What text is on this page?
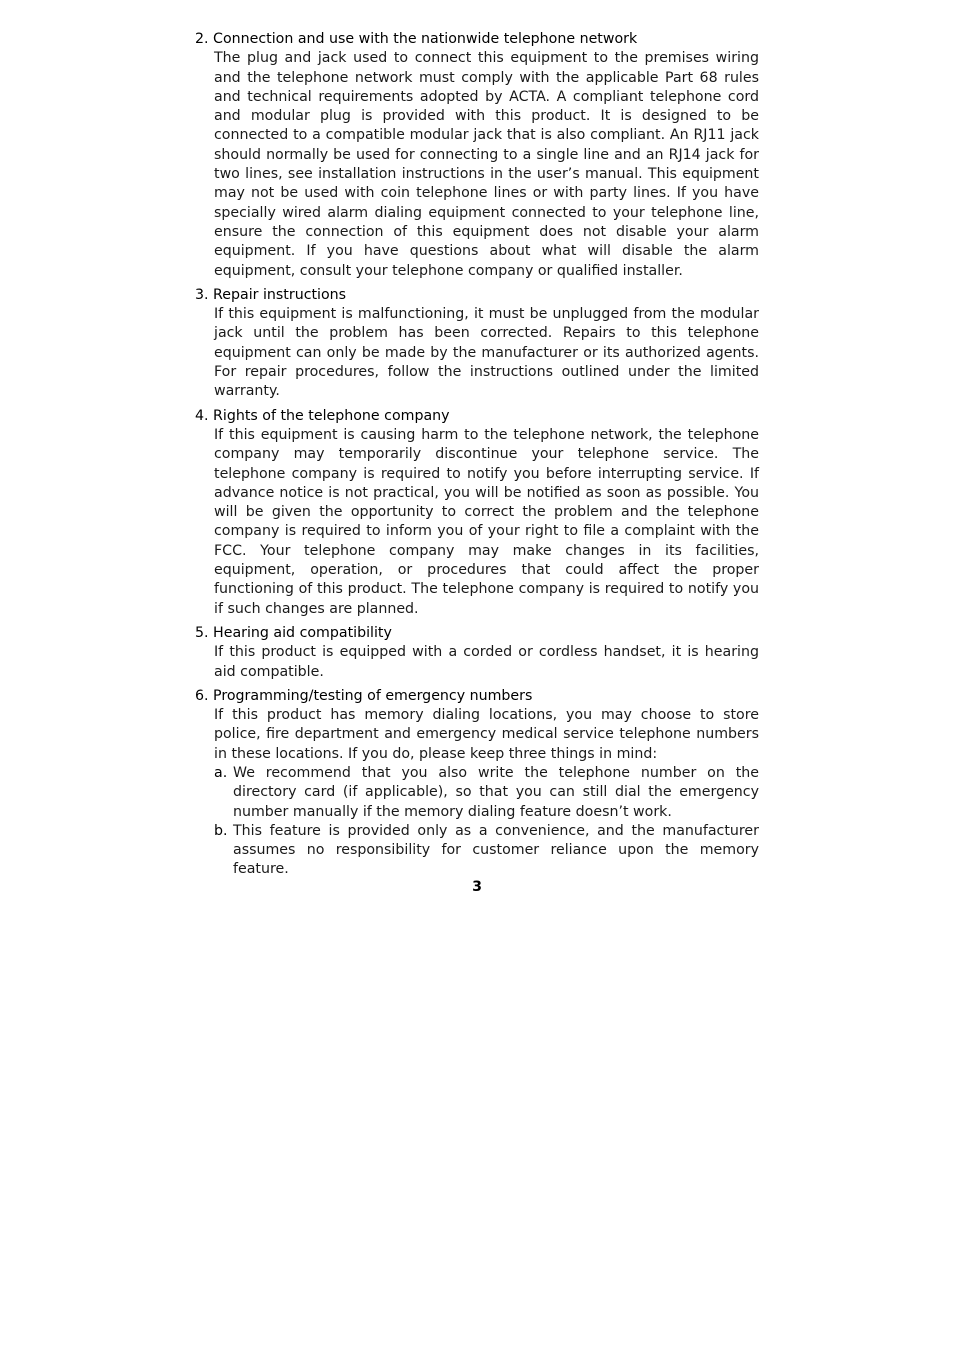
2. Connection and use with the nationwide telephone network
The plug and jack used to connect this equipment to the premises wiring and the telephone network must comply with the applicable Part 68 rules and technical requirements adopted by ACTA. A compliant telephone cord and modular plug is provided with this product. It is designed to be connected to a compatible modular jack that is also compliant. An RJ11 jack should normally be used for connecting to a single line and an RJ14 jack for two lines, see installation instructions in the user’s manual. This equipment may not be used with coin telephone lines or with party lines. If you have specially wired alarm dialing equipment connected to your telephone line, ensure the connection of this equipment does not disable your alarm equipment. If you have questions about what will disable the alarm equipment, consult your telephone company or qualified installer.
3. Repair instructions
If this equipment is malfunctioning, it must be unplugged from the modular jack until the problem has been corrected. Repairs to this telephone equipment can only be made by the manufacturer or its authorized agents. For repair procedures, follow the instructions outlined under the limited warranty.
4. Rights of the telephone company
If this equipment is causing harm to the telephone network, the telephone company may temporarily discontinue your telephone service. The telephone company is required to notify you before interrupting service. If advance notice is not practical, you will be notified as soon as possible. You will be given the opportunity to correct the problem and the telephone company is required to inform you of your right to file a complaint with the FCC. Your telephone company may make changes in its facilities, equipment, operation, or procedures that could affect the proper functioning of this product. The telephone company is required to notify you if such changes are planned.
5. Hearing aid compatibility
If this product is equipped with a corded or cordless handset, it is hearing aid compatible.
6. Programming/testing of emergency numbers
If this product has memory dialing locations, you may choose to store police, fire department and emergency medical service telephone numbers in these locations. If you do, please keep three things in mind:
a. We recommend that you also write the telephone number on the directory card (if applicable), so that you can still dial the emergency number manually if the memory dialing feature doesn’t work.
b. This feature is provided only as a convenience, and the manufacturer assumes no responsibility for customer reliance upon the memory feature.
3
